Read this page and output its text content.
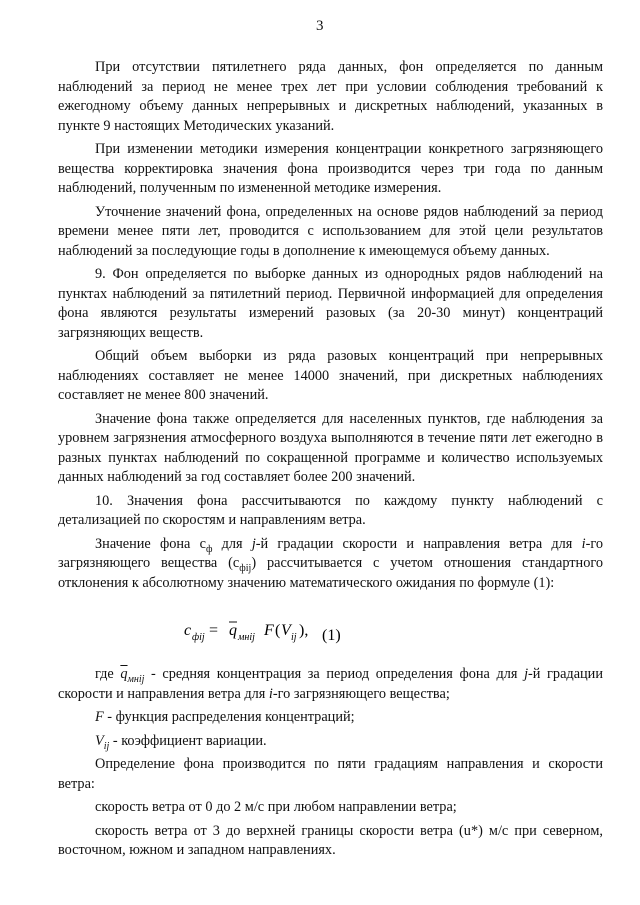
3

При отсутствии пятилетнего ряда данных, фон определяется по данным наблюдений за период не менее трех лет при условии соблюдения требований к ежегодному объему данных непрерывных и дискретных наблюдений, указанных в пункте 9 настоящих Методических указаний.

При изменении методики измерения концентрации конкретного загрязняющего вещества корректировка значения фона производится через три года по данным наблюдений, полученным по измененной методике измерения.

Уточнение значений фона, определенных на основе рядов наблюдений за период времени менее пяти лет, проводится с использованием для этой цели результатов наблюдений за последующие годы в дополнение к имеющемуся объему данных.

9. Фон определяется по выборке данных из однородных рядов наблюдений на пунктах наблюдений за пятилетний период. Первичной информацией для определения фона являются результаты измерений разовых (за 20-30 минут) концентраций загрязняющих веществ.

Общий объем выборки из ряда разовых концентраций при непрерывных наблюдениях составляет не менее 14000 значений, при дискретных наблюдениях составляет не менее 800 значений.

Значение фона также определяется для населенных пунктов, где наблюдения за уровнем загрязнения атмосферного воздуха выполняются в течение пяти лет ежегодно в разных пунктах наблюдений по сокращенной программе и количество используемых данных наблюдений за год составляет более 200 значений.

10. Значения фона рассчитываются по каждому пункту наблюдений с детализацией по скоростям и направлениям ветра.

Значение фона $c_ф$ для j-й градации скорости и направления ветра для i-го загрязняющего вещества $(c_{фij})$ рассчитывается с учетом отношения стандартного отклонения к абсолютному значению математического ожидания по формуле (1):

c фij = q мнij F ( V ij ), (1)

где $\overline{q}_{мнij}$ - средняя концентрация за период определения фона для j-й градации скорости и направления ветра для i-го загрязняющего вещества;

F - функция распределения концентраций;

$V_{ij}$ - коэффициент вариации.

Определение фона производится по пяти градациям направления и скорости ветра:

скорость ветра от 0 до 2 м/с при любом направлении ветра;

скорость ветра от 3 до верхней границы скорости ветра (u*) м/с при северном, восточном, южном и западном направлениях.
